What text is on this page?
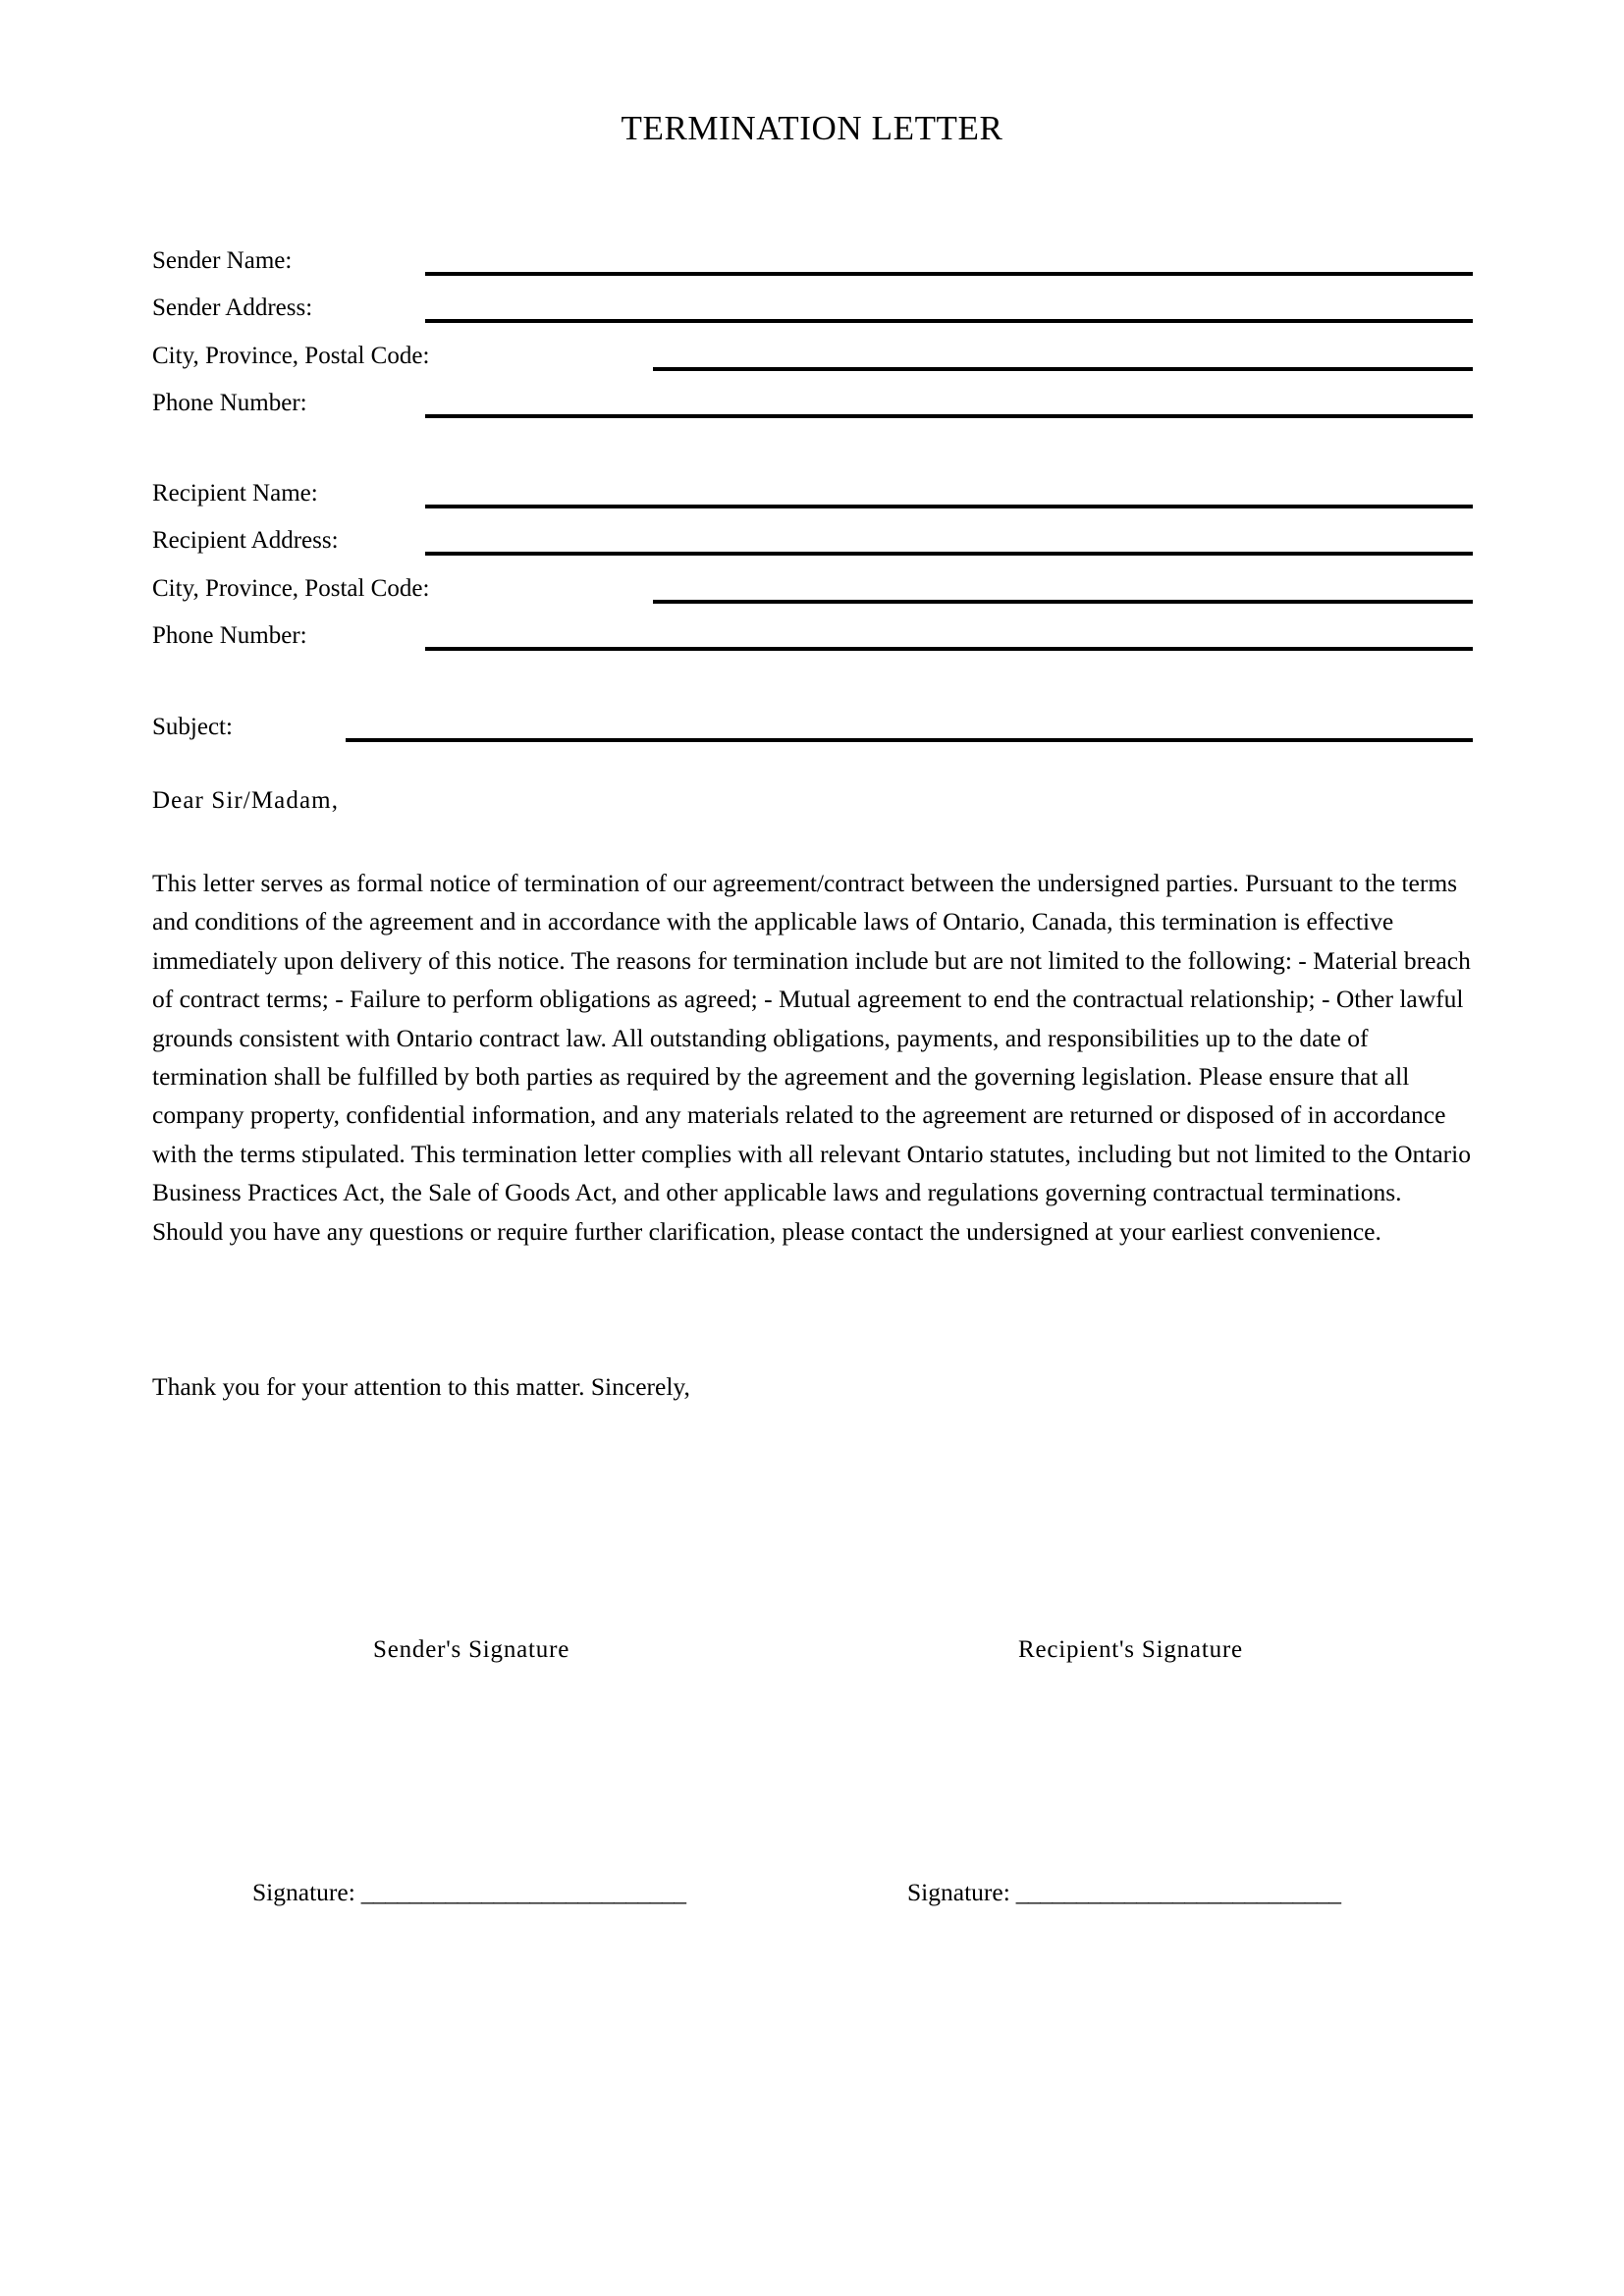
TERMINATION LETTER
Sender Name:
Sender Address:
City, Province, Postal Code:
Phone Number:
Recipient Name:
Recipient Address:
City, Province, Postal Code:
Phone Number:
Subject:
Dear Sir/Madam,
This letter serves as formal notice of termination of our agreement/contract between the undersigned parties. Pursuant to the terms and conditions of the agreement and in accordance with the applicable laws of Ontario, Canada, this termination is effective immediately upon delivery of this notice. The reasons for termination include but are not limited to the following: - Material breach of contract terms; - Failure to perform obligations as agreed; - Mutual agreement to end the contractual relationship; - Other lawful grounds consistent with Ontario contract law. All outstanding obligations, payments, and responsibilities up to the date of termination shall be fulfilled by both parties as required by the agreement and the governing legislation. Please ensure that all company property, confidential information, and any materials related to the agreement are returned or disposed of in accordance with the terms stipulated. This termination letter complies with all relevant Ontario statutes, including but not limited to the Ontario Business Practices Act, the Sale of Goods Act, and other applicable laws and regulations governing contractual terminations. Should you have any questions or require further clarification, please contact the undersigned at your earliest convenience.
Thank you for your attention to this matter. Sincerely,
Sender's Signature	Recipient's Signature
Signature: ___________________________	Signature: ___________________________
